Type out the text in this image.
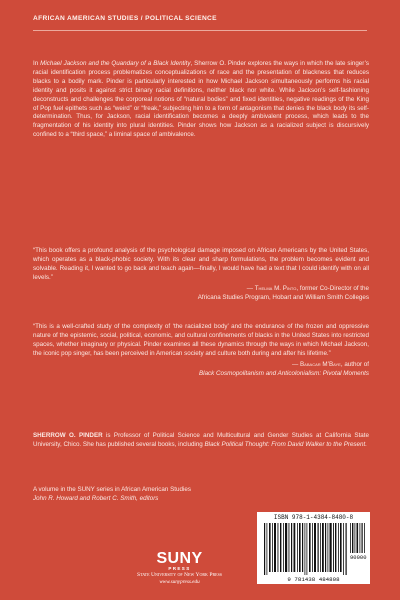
AFRICAN AMERICAN STUDIES / POLITICAL SCIENCE
In Michael Jackson and the Quandary of a Black Identity, Sherrow O. Pinder explores the ways in which the late singer’s racial identification process problematizes conceptualizations of race and the presentation of blackness that reduces blacks to a bodily mark. Pinder is particularly interested in how Michael Jackson simultaneously performs his racial identity and posits it against strict binary racial definitions, neither black nor white. While Jackson’s self-fashioning deconstructs and challenges the corporeal notions of “natural bodies” and fixed identities, negative readings of the King of Pop fuel epithets such as “weird” or “freak,” subjecting him to a form of antagonism that denies the black body its self-determination. Thus, for Jackson, racial identification becomes a deeply ambivalent process, which leads to the fragmentation of his identity into plural identities. Pinder shows how Jackson as a racialized subject is discursively confined to a “third space,” a liminal space of ambivalence.
“This book offers a profound analysis of the psychological damage imposed on African Americans by the United States, which operates as a black-phobic society. With its clear and sharp formulations, the problem becomes evident and solvable. Reading it, I wanted to go back and teach again—finally, I would have had a text that I could identify with on all levels.”
— Thelma M. Pinto, former Co-Director of the
Africana Studies Program, Hobart and William Smith Colleges
“This is a well-crafted study of the complexity of ‘the racialized body’ and the endurance of the frozen and oppressive nature of the epistemic, social, political, economic, and cultural confinements of blacks in the United States into restricted spaces, whether imaginary or physical. Pinder examines all these dynamics through the ways in which Michael Jackson, the iconic pop singer, has been perceived in American society and culture both during and after his lifetime.”
— Babacar M’Baye, author of
Black Cosmopolitanism and Anticolonialism: Pivotal Moments
SHERROW O. PINDER is Professor of Political Science and Multicultural and Gender Studies at California State University, Chico. She has published several books, including Black Political Thought: From David Walker to the Present.
A volume in the SUNY series in African American Studies
John R. Howard and Robert C. Smith, editors
SUNY
PRESS
State University of New York Press
www.sunypress.edu
ISBN 978-1-4384-8480-8
90000
9 781438 484808
